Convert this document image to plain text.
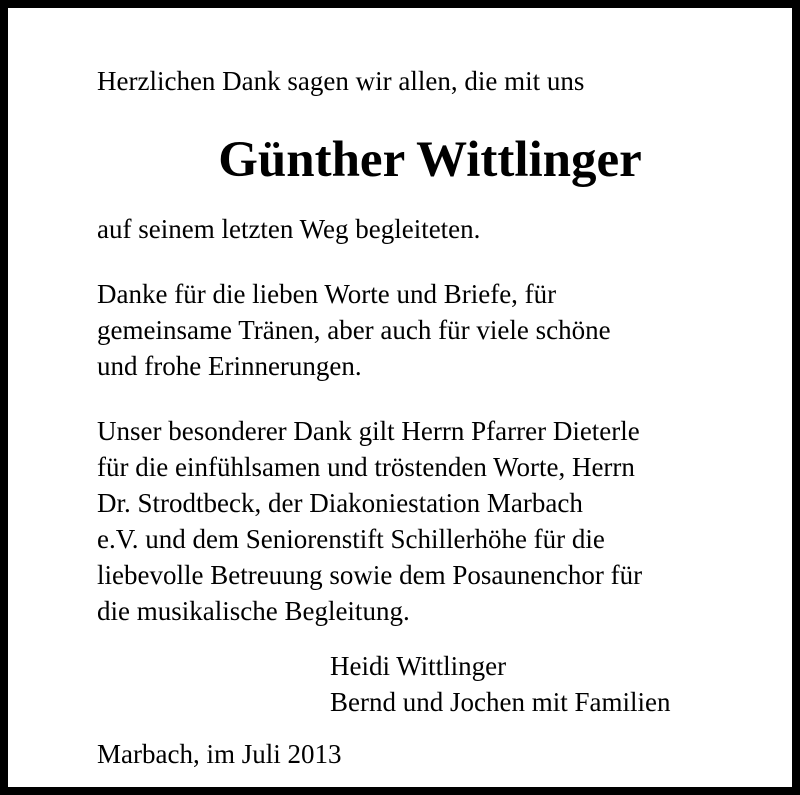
Herzlichen Dank sagen wir allen, die mit uns

Günther Wittlinger

auf seinem letzten Weg begleiteten.

Danke für die lieben Worte und Briefe, für
gemeinsame Tränen, aber auch für viele schöne
und frohe Erinnerungen.
Unser besonderer Dank gilt Herrn Pfarrer Dieterle
für die einfühlsamen und tröstenden Worte, Herrn
Dr. Strodtbeck, der Diakoniestation Marbach
e.V. und dem Seniorenstift Schillerhöhe für die
liebevolle Betreuung sowie dem Posaunenchor für
die musikalische Begleitung.
Heidi Wittlinger
Bernd und Jochen mit Familien

Marbach, im Juli 2013
